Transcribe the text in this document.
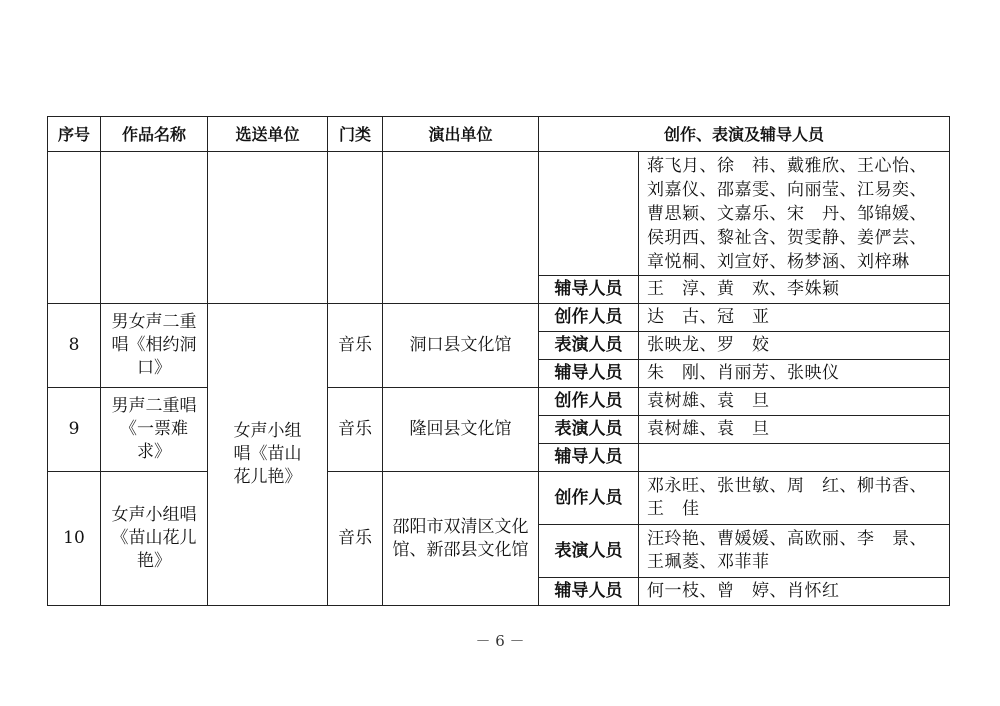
序号	作品名称	选送单位	门类	演出单位	创作、表演及辅导人员	

						蒋飞月、徐　祎、戴雅欣、王心怡、
刘嘉仪、邵嘉雯、向丽莹、江易奕、
曹思颖、文嘉乐、宋　丹、邹锦媛、
侯玥西、黎祉含、贺雯静、姜俨芸、
章悦桐、刘宣妤、杨梦涵、刘梓琳

					辅导人员	王　淳、黄　欢、李姝颖
8	男女声二重唱《相约洞口》	女声小组唱《苗山花儿艳》	音乐	洞口县文化馆	创作人员	达　古、冠　亚
					表演人员	张映龙、罗　姣
					辅导人员	朱　刚、肖丽芳、张映仪
9	男声二重唱《一票难求》		音乐	隆回县文化馆	创作人员	袁树雄、袁　旦
					表演人员	袁树雄、袁　旦
					辅导人员	
10	女声小组唱《苗山花儿艳》		音乐	邵阳市双清区文化馆、新邵县文化馆	创作人员	邓永旺、张世敏、周　红、柳书香、王　佳
					表演人员	汪玲艳、曹媛媛、高欧丽、李　景、王珮菱、邓菲菲
					辅导人员	何一枝、曾　婷、肖怀红
－ 6 －
